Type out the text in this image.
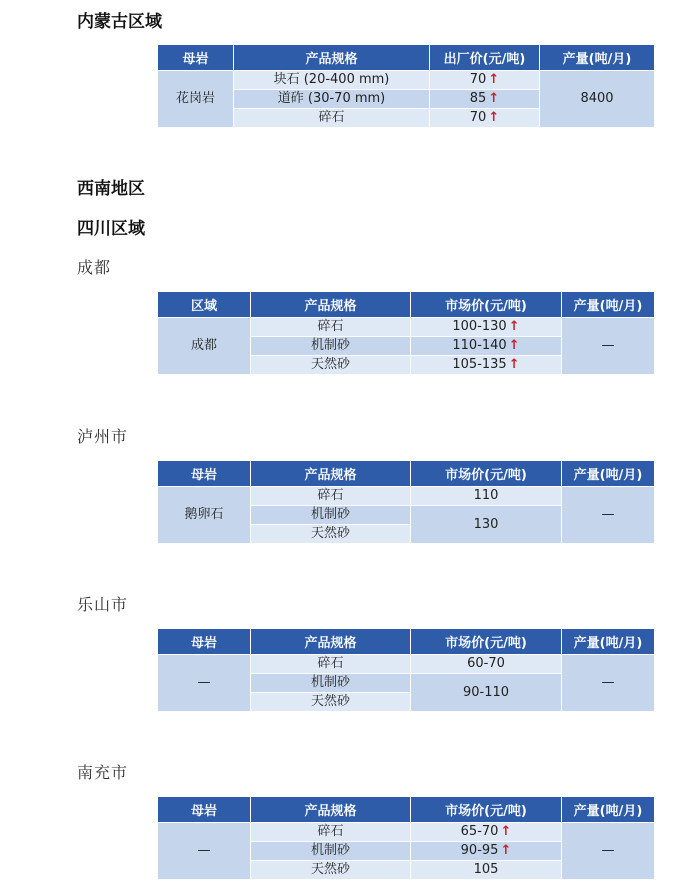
内蒙古区域
母岩	产品规格	出厂价(元/吨)	产量(吨/月)
花岗岩	块石 (20-400 mm)	70 ↑	8400
	道砟 (30-70 mm)	85 ↑	
	碎石	70 ↑	
西南地区
四川区域
成都
区域	产品规格	市场价(元/吨)	产量(吨/月)
成都	碎石	100-130 ↑	—
	机制砂	110-140 ↑	
	天然砂	105-135 ↑	
泸州市
母岩	产品规格	市场价(元/吨)	产量(吨/月)
鹅卵石	碎石	110	—
	机制砂	130	
	天然砂		
乐山市
母岩	产品规格	市场价(元/吨)	产量(吨/月)
—	碎石	60-70	—
	机制砂	90-110	
	天然砂		
南充市
母岩	产品规格	市场价(元/吨)	产量(吨/月)
—	碎石	65-70 ↑	—
	机制砂	90-95 ↑	
	天然砂	105	
